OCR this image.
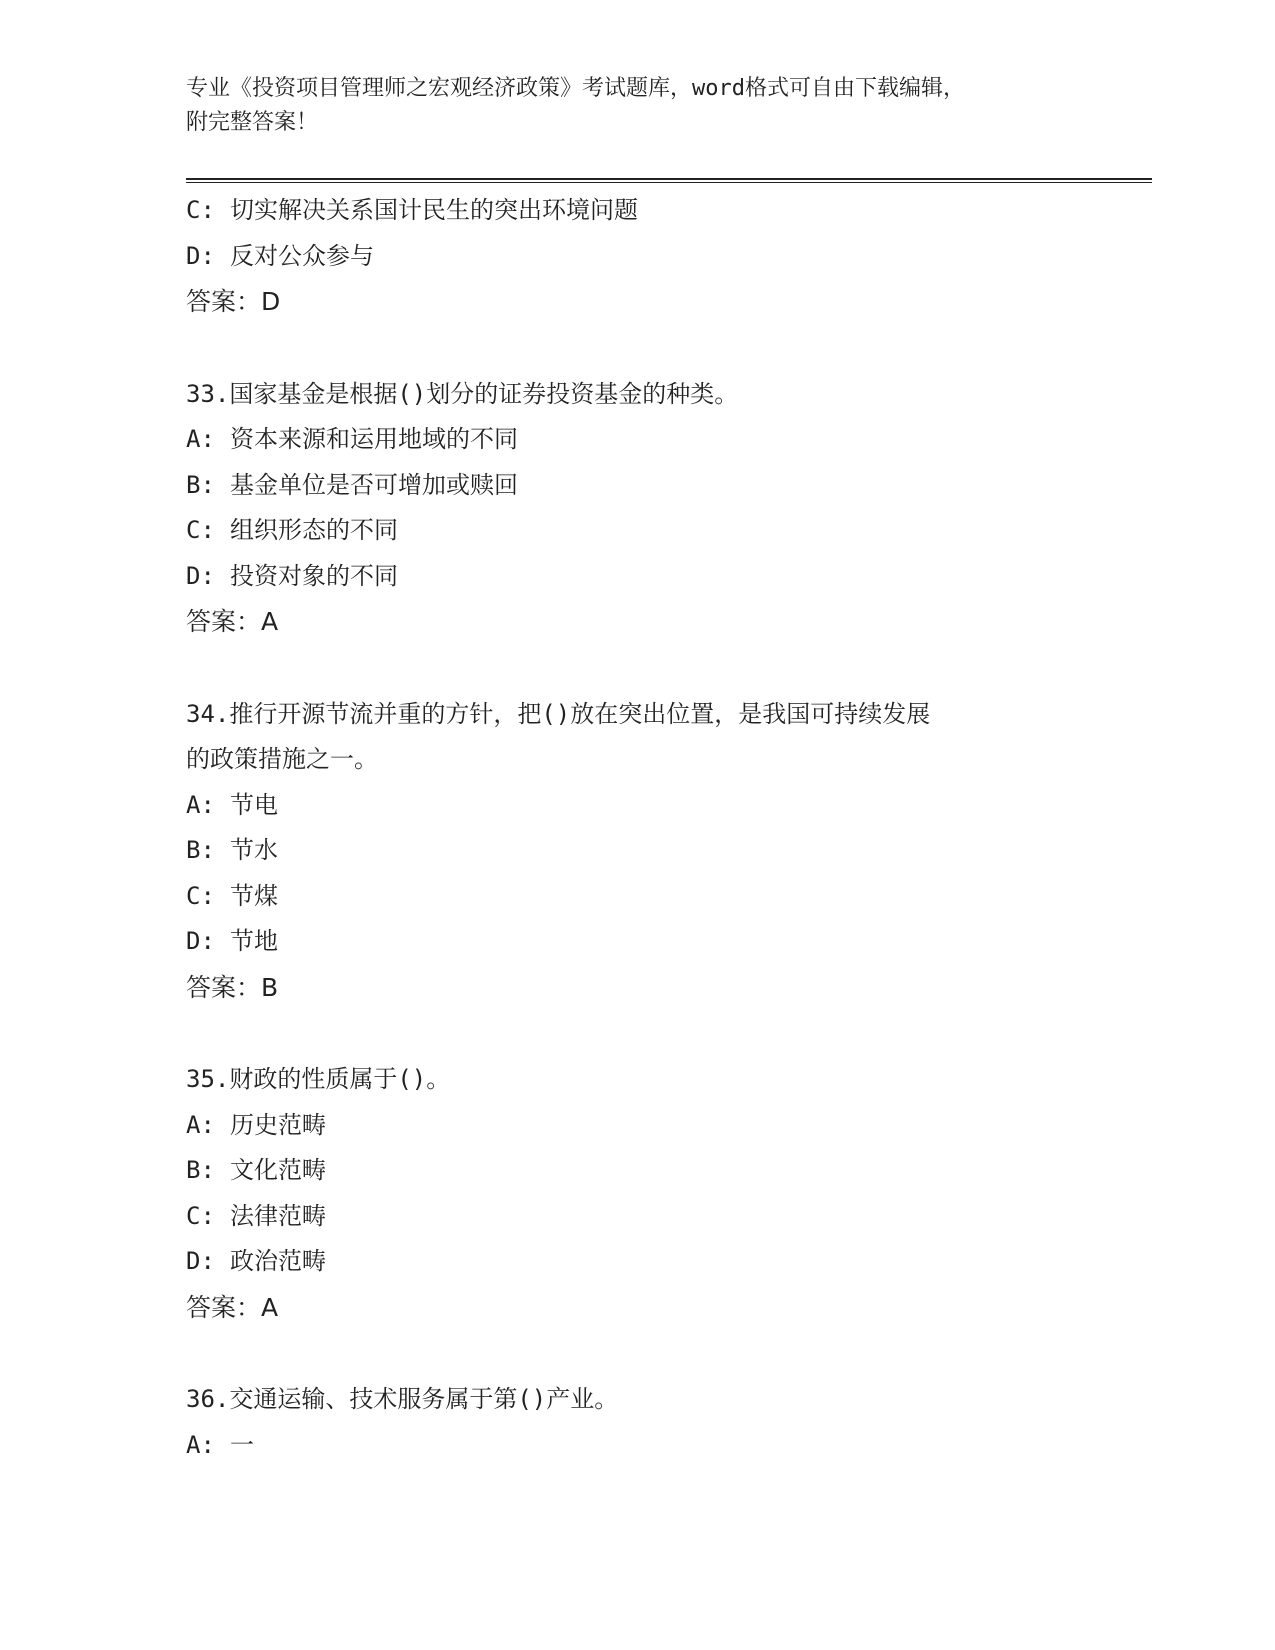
专业《投资项目管理师之宏观经济政策》考试题库，word格式可自由下载编辑，
附完整答案！
C: 切实解决关系国计民生的突出环境问题
D: 反对公众参与
答案：D
33.国家基金是根据()划分的证券投资基金的种类。
A: 资本来源和运用地域的不同
B: 基金单位是否可增加或赎回
C: 组织形态的不同
D: 投资对象的不同
答案：A
34.推行开源节流并重的方针，把()放在突出位置，是我国可持续发展
的政策措施之一。
A: 节电
B: 节水
C: 节煤
D: 节地
答案：B
35.财政的性质属于()。
A: 历史范畴
B: 文化范畴
C: 法律范畴
D: 政治范畴
答案：A
36.交通运输、技术服务属于第()产业。
A: 一
